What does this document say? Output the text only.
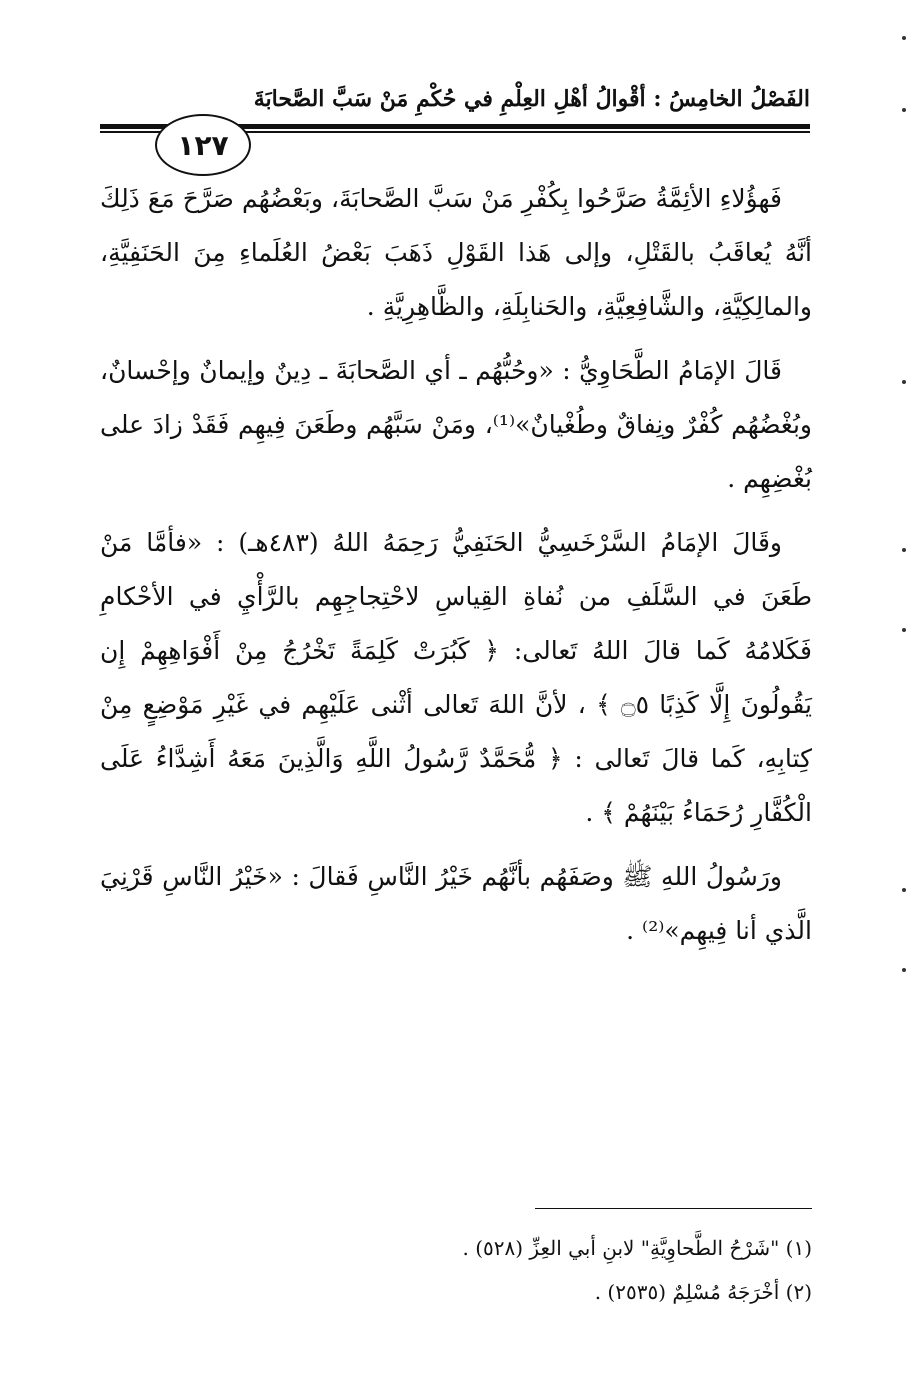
الفَصْلُ الخامِسُ : أقْوالُ أهْلِ العِلْمِ في حُكْمِ مَنْ سَبَّ الصَّحابَةَ
١٢٧

فَهؤُلاءِ الأئِمَّةُ صَرَّحُوا بِكُفْرِ مَنْ سَبَّ الصَّحابَةَ، وبَعْضُهُم صَرَّحَ مَعَ ذَلِكَ أنَّهُ يُعاقَبُ بالقَتْلِ، وإلى هَذا القَوْلِ ذَهَبَ بَعْضُ العُلَماءِ مِنَ الحَنَفِيَّةِ، والمالِكِيَّةِ، والشَّافِعِيَّةِ، والحَنابِلَةِ، والظَّاهِرِيَّةِ .

قَالَ الإمَامُ الطَّحَاوِيُّ : «وحُبُّهُم ـ أي الصَّحابَةَ ـ دِينٌ وإيمانٌ وإحْسانٌ، وبُغْضُهُم كُفْرٌ ونِفاقٌ وطُغْيانٌ»⁽¹⁾، ومَنْ سَبَّهُم وطَعَنَ فِيهِم فَقَدْ زادَ على بُغْضِهِم .

وقَالَ الإمَامُ السَّرْخَسِيُّ الحَنَفِيُّ رَحِمَهُ اللهُ (٤٨٣هـ) : «فأمَّا مَنْ طَعَنَ في السَّلَفِ من نُفاةِ القِياسِ لاحْتِجاجِهِم بالرَّأْيِ في الأحْكامِ فَكَلامُهُ كَما قالَ اللهُ تَعالى: ﴿ كَبُرَتْ كَلِمَةً تَخْرُجُ مِنْ أَفْوَاهِهِمْ إِن يَقُولُونَ إِلَّا كَذِبًا ۝٥ ﴾ ، لأنَّ اللهَ تَعالى أثْنى عَلَيْهِم في غَيْرِ مَوْضِعٍ مِنْ كِتابِهِ، كَما قالَ تَعالى : ﴿ مُّحَمَّدٌ رَّسُولُ اللَّهِ وَالَّذِينَ مَعَهُ أَشِدَّاءُ عَلَى الْكُفَّارِ رُحَمَاءُ بَيْنَهُمْ ﴾ .

ورَسُولُ اللهِ ﷺ وصَفَهُم بأنَّهُم خَيْرُ النَّاسِ فَقالَ : «خَيْرُ النَّاسِ قَرْنِيَ الَّذي أنا فِيهِم»⁽²⁾ .

(١) "شَرْحُ الطَّحاوِيَّةِ" لابنِ أبي العِزِّ (٥٢٨) .
(٢) أخْرَجَهُ مُسْلِمٌ (٢٥٣٥) .
